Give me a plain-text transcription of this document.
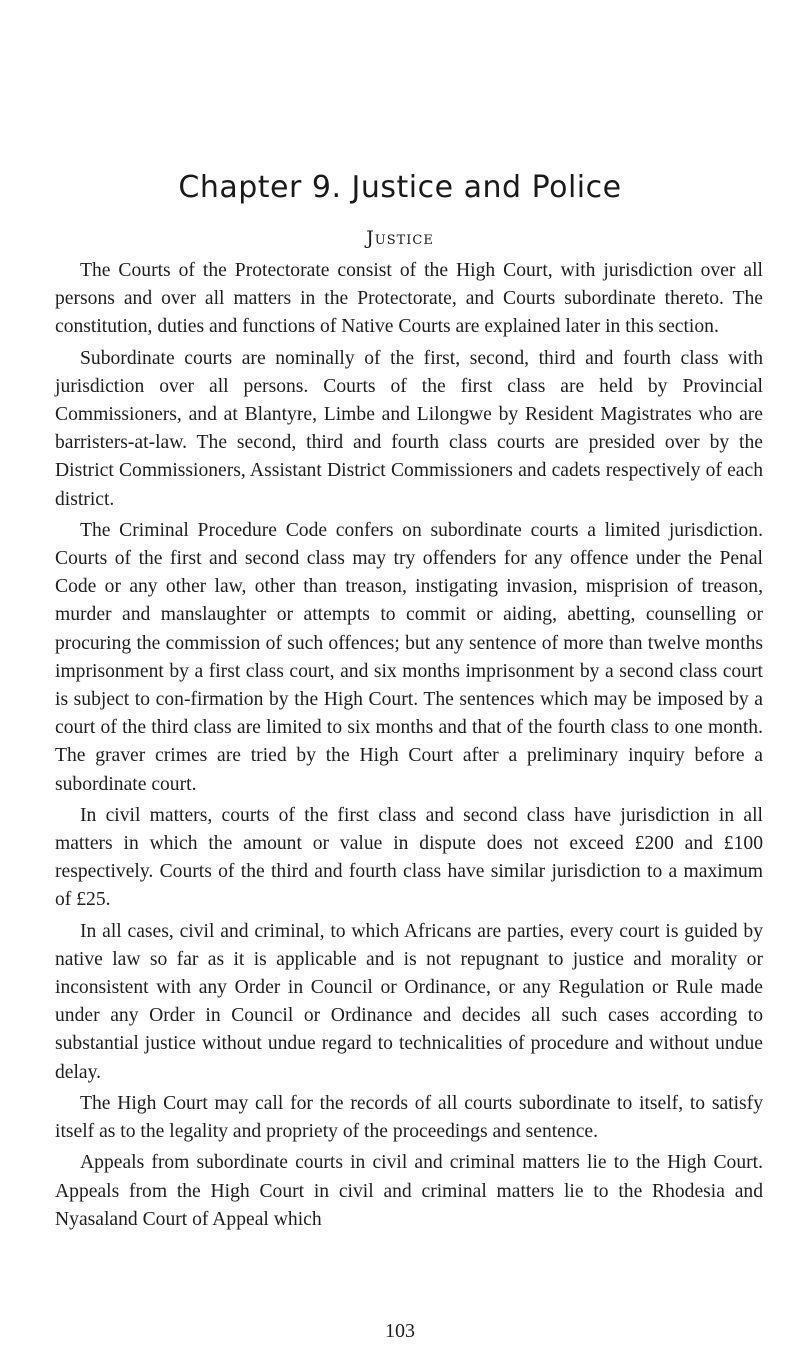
Chapter 9. Justice and Police
Justice

The Courts of the Protectorate consist of the High Court, with jurisdiction over all persons and over all matters in the Protectorate, and Courts subordinate thereto. The constitution, duties and functions of Native Courts are explained later in this section.

Subordinate courts are nominally of the first, second, third and fourth class with jurisdiction over all persons. Courts of the first class are held by Provincial Commissioners, and at Blantyre, Limbe and Lilongwe by Resident Magistrates who are barristers-at-law. The second, third and fourth class courts are presided over by the District Commissioners, Assistant District Commissioners and cadets respectively of each district.

The Criminal Procedure Code confers on subordinate courts a limited jurisdiction. Courts of the first and second class may try offenders for any offence under the Penal Code or any other law, other than treason, instigating invasion, misprision of treason, murder and manslaughter or attempts to commit or aiding, abetting, counselling or procuring the commission of such offences; but any sentence of more than twelve months imprisonment by a first class court, and six months imprisonment by a second class court is subject to con-firmation by the High Court. The sentences which may be imposed by a court of the third class are limited to six months and that of the fourth class to one month. The graver crimes are tried by the High Court after a preliminary inquiry before a subordinate court.

In civil matters, courts of the first class and second class have jurisdiction in all matters in which the amount or value in dispute does not exceed £200 and £100 respectively. Courts of the third and fourth class have similar jurisdiction to a maximum of £25.

In all cases, civil and criminal, to which Africans are parties, every court is guided by native law so far as it is applicable and is not repugnant to justice and morality or inconsistent with any Order in Council or Ordinance, or any Regulation or Rule made under any Order in Council or Ordinance and decides all such cases according to substantial justice without undue regard to technicalities of procedure and without undue delay.

The High Court may call for the records of all courts subordinate to itself, to satisfy itself as to the legality and propriety of the proceedings and sentence.

Appeals from subordinate courts in civil and criminal matters lie to the High Court. Appeals from the High Court in civil and criminal matters lie to the Rhodesia and Nyasaland Court of Appeal which

103
